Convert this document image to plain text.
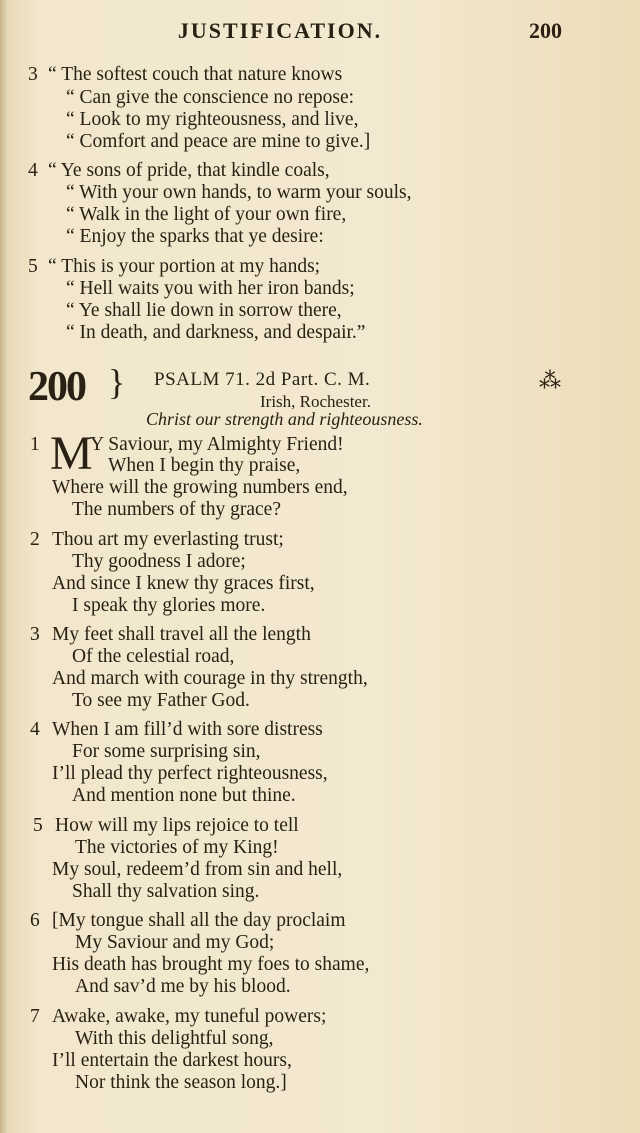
JUSTIFICATION.	200
3 “ The softest couch that nature knows
“ Can give the conscience no repose:
“ Look to my righteousness, and live,
“ Comfort and peace are mine to give.]
4 “ Ye sons of pride, that kindle coals,
“ With your own hands, to warm your souls,
“ Walk in the light of your own fire,
“ Enjoy the sparks that ye desire:
5 “ This is your portion at my hands;
“ Hell waits you with her iron bands;
“ Ye shall lie down in sorrow there,
“ In death, and darkness, and despair.”
200 } PSALM 71. 2d Part. C. M.	⁂
Irish, Rochester.
Christ our strength and righteousness.
1 M
Y Saviour, my Almighty Friend!
When I begin thy praise,
Where will the growing numbers end,
The numbers of thy grace?
2 Thou art my everlasting trust;
Thy goodness I adore;
And since I knew thy graces first,
I speak thy glories more.
3 My feet shall travel all the length
Of the celestial road,
And march with courage in thy strength,
To see my Father God.
4 When I am fill’d with sore distress
For some surprising sin,
I’ll plead thy perfect righteousness,
And mention none but thine.
5 How will my lips rejoice to tell
The victories of my King!
My soul, redeem’d from sin and hell,
Shall thy salvation sing.
6 [My tongue shall all the day proclaim
My Saviour and my God;
His death has brought my foes to shame,
And sav’d me by his blood.
7 Awake, awake, my tuneful powers;
With this delightful song,
I’ll entertain the darkest hours,
Nor think the season long.]
